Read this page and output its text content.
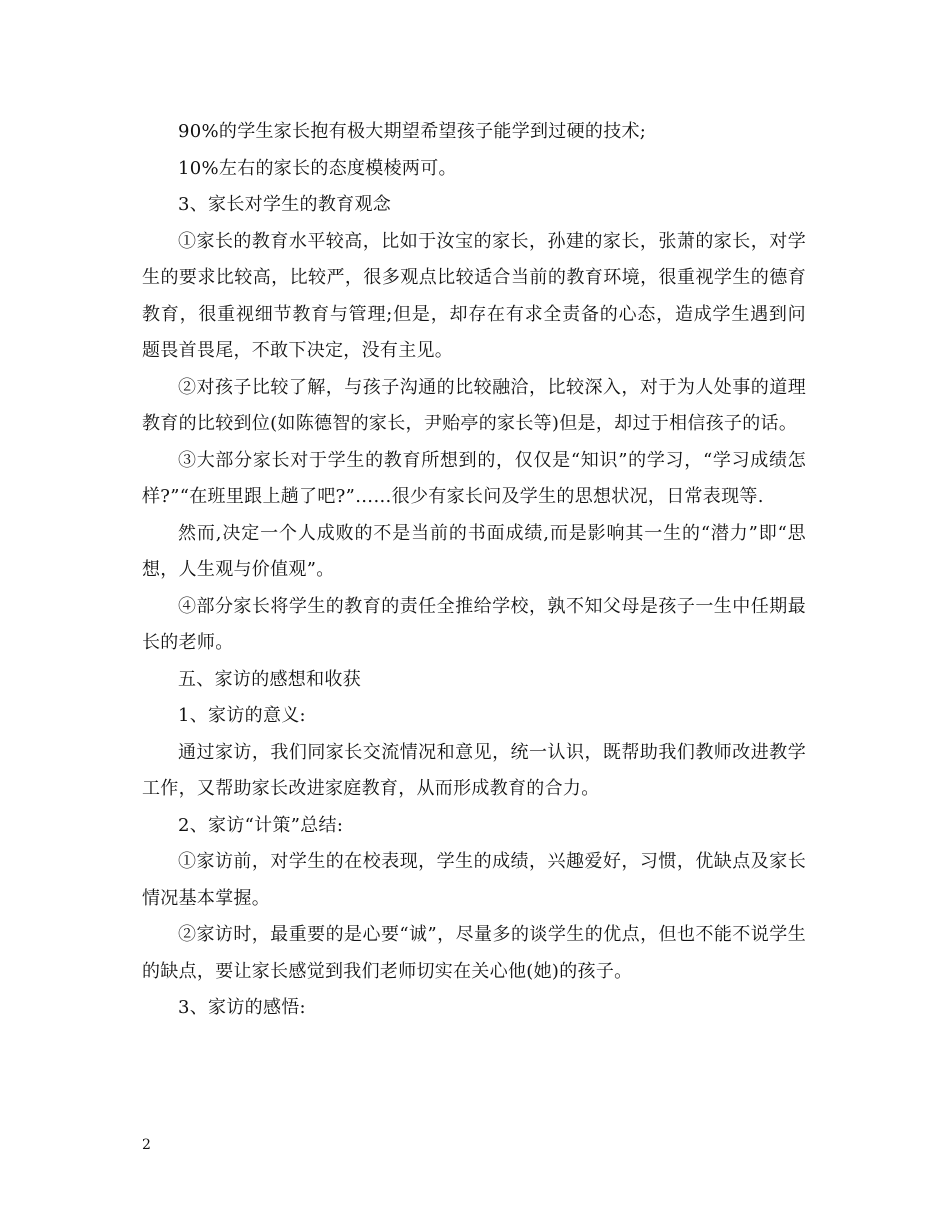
90%的学生家长抱有极大期望希望孩子能学到过硬的技术;

10%左右的家长的态度模棱两可。

3、家长对学生的教育观念

①家长的教育水平较高，比如于汝宝的家长，孙建的家长，张萧的家长，对学生的要求比较高，比较严，很多观点比较适合当前的教育环境，很重视学生的德育教育，很重视细节教育与管理;但是，却存在有求全责备的心态，造成学生遇到问题畏首畏尾，不敢下决定，没有主见。

②对孩子比较了解，与孩子沟通的比较融洽，比较深入，对于为人处事的道理教育的比较到位(如陈德智的家长，尹贻亭的家长等)但是，却过于相信孩子的话。

③大部分家长对于学生的教育所想到的，仅仅是“知识”的学习，“学习成绩怎样?”“在班里跟上趟了吧?”……很少有家长问及学生的思想状况，日常表现等.

然而,决定一个人成败的不是当前的书面成绩,而是影响其一生的“潜力”即“思想，人生观与价值观”。

④部分家长将学生的教育的责任全推给学校，孰不知父母是孩子一生中任期最长的老师。

五、家访的感想和收获

1、家访的意义:

通过家访，我们同家长交流情况和意见，统一认识，既帮助我们教师改进教学工作，又帮助家长改进家庭教育，从而形成教育的合力。

2、家访“计策”总结:

①家访前，对学生的在校表现，学生的成绩，兴趣爱好，习惯，优缺点及家长情况基本掌握。

②家访时，最重要的是心要“诚”，尽量多的谈学生的优点，但也不能不说学生的缺点，要让家长感觉到我们老师切实在关心他(她)的孩子。

3、家访的感悟:

2
